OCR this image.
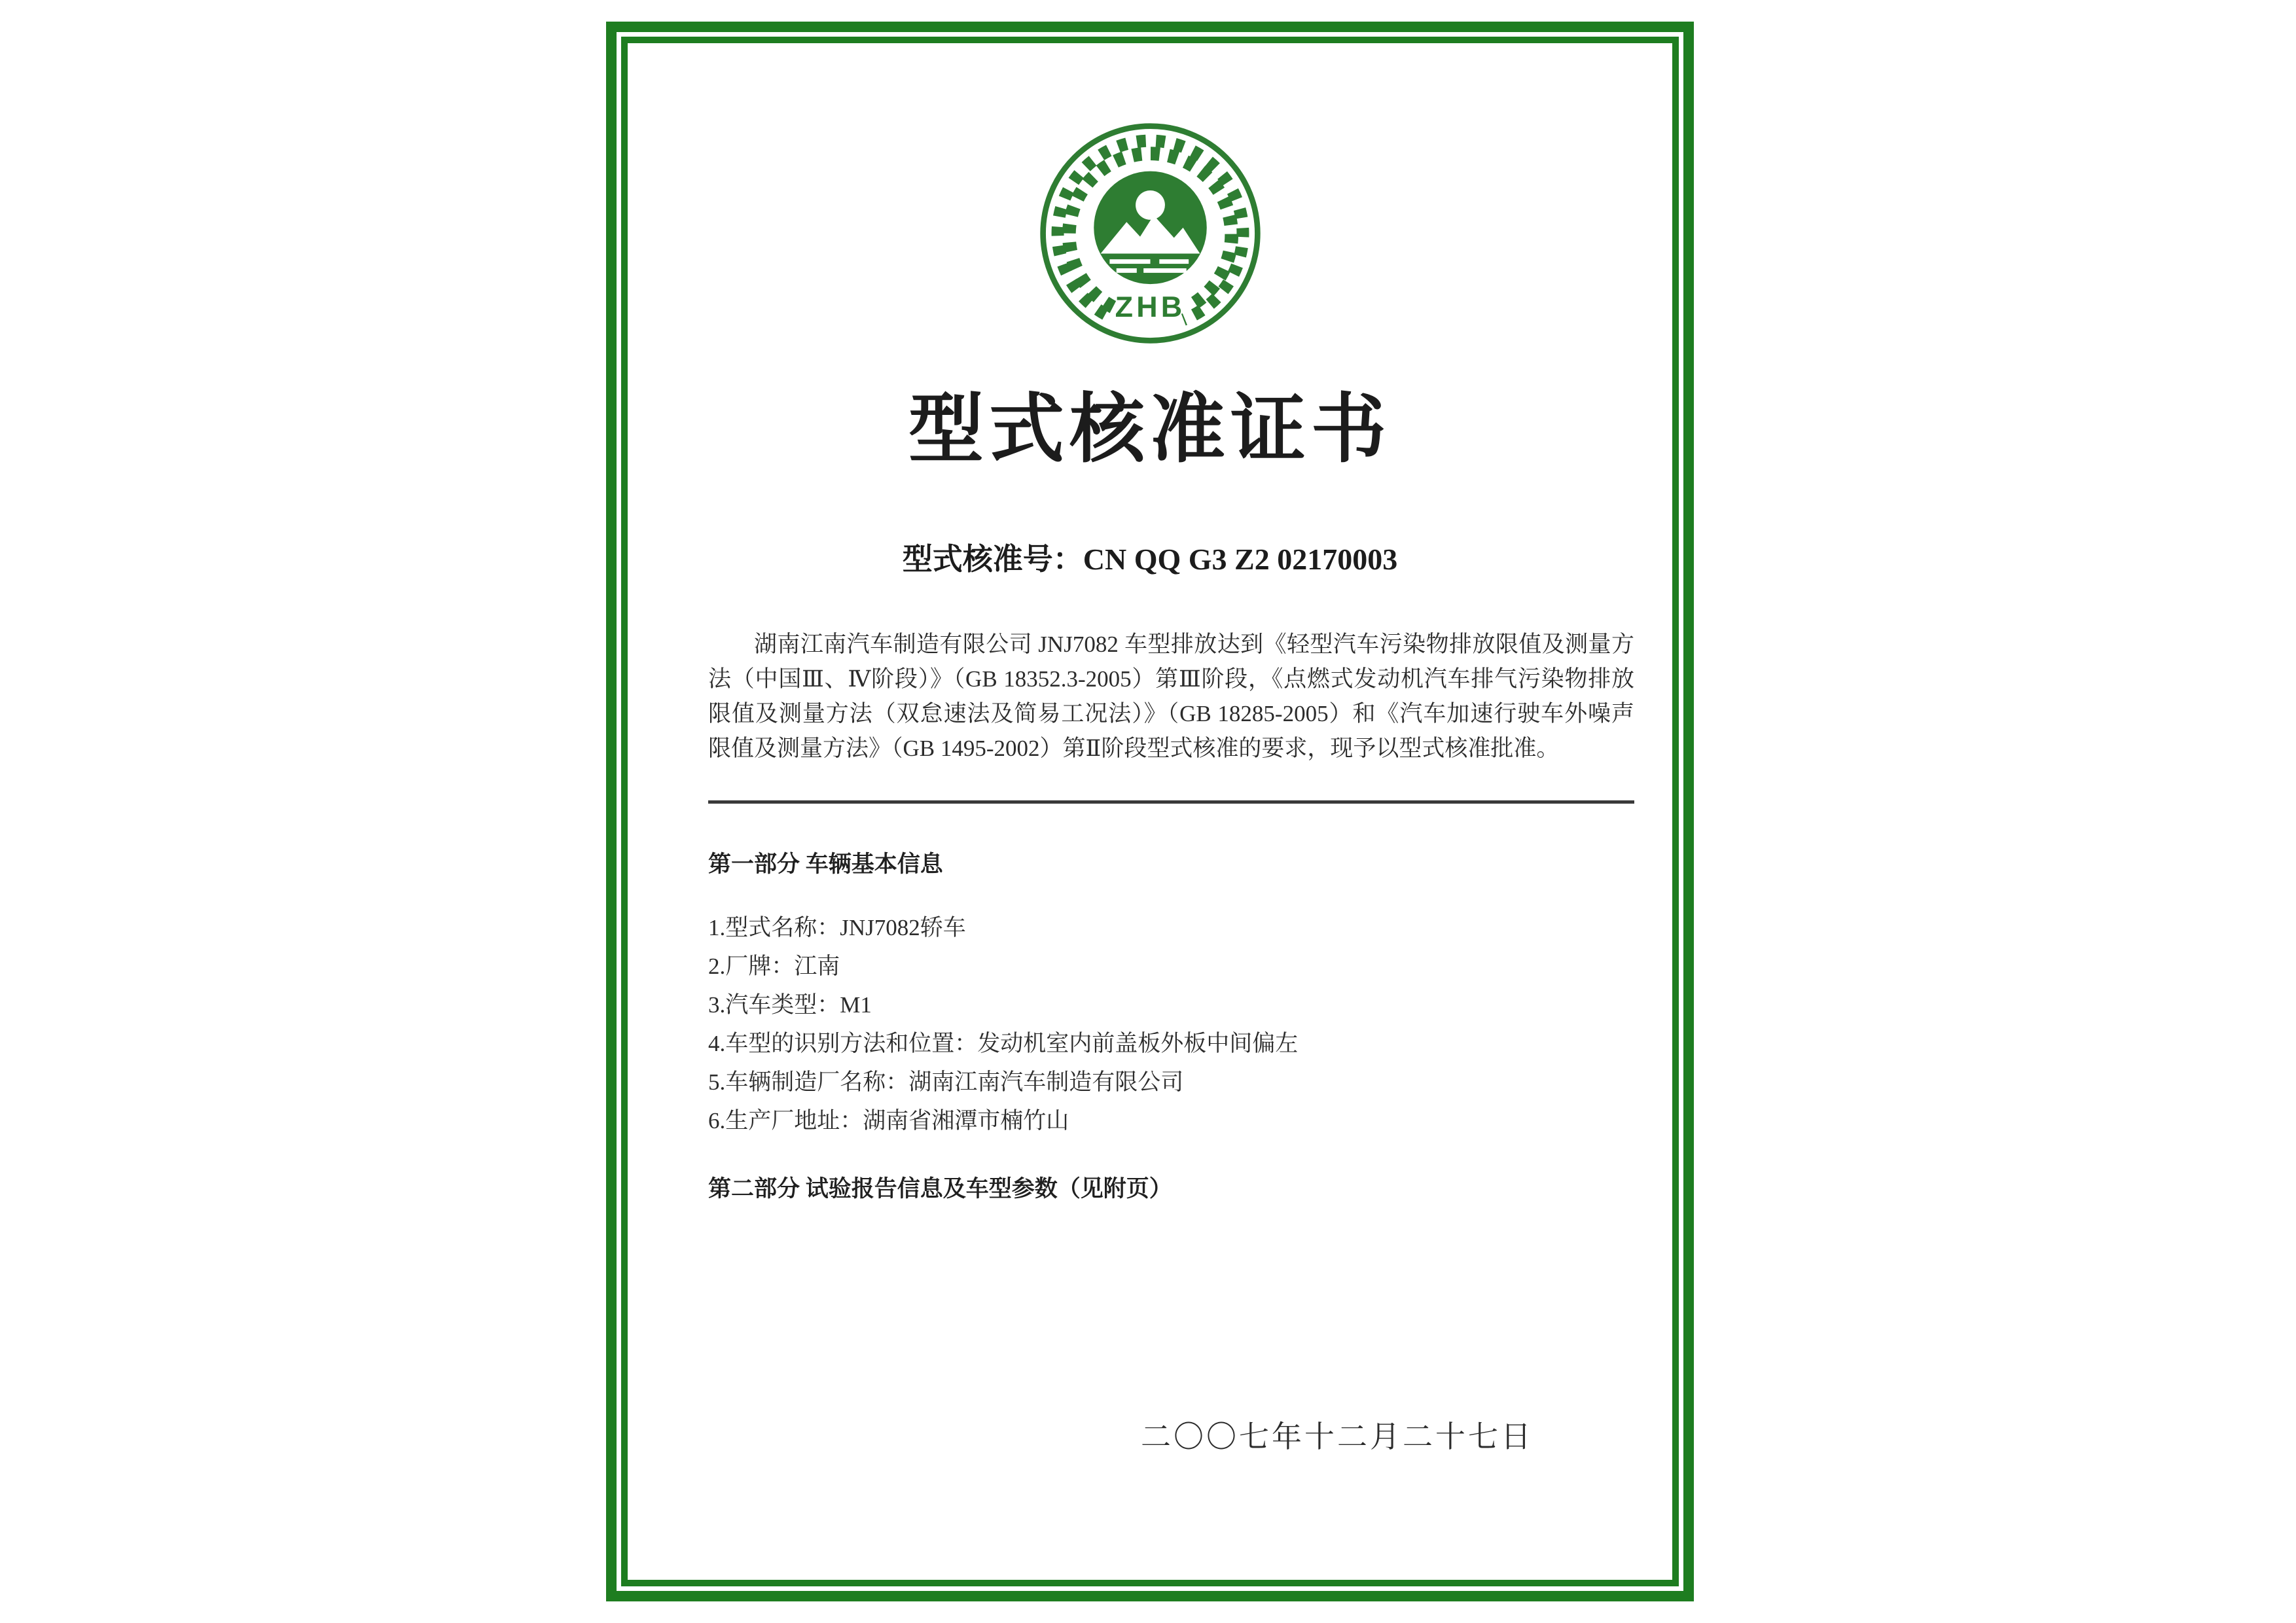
ZHB
型式核准证书
型式核准号：CN QQ G3 Z2 02170003

湖南江南汽车制造有限公司 JNJ7082 车型排放达到《轻型汽车污染物排放限值及测量方法（中国Ⅲ、Ⅳ阶段）》（GB 18352.3-2005）第Ⅲ阶段，《点燃式发动机汽车排气污染物排放限值及测量方法（双怠速法及简易工况法）》（GB 18285-2005）和《汽车加速行驶车外噪声限值及测量方法》（GB 1495-2002）第Ⅱ阶段型式核准的要求，现予以型式核准批准。

第一部分 车辆基本信息
1.型式名称：JNJ7082轿车
2.厂牌：江南
3.汽车类型：M1
4.车型的识别方法和位置：发动机室内前盖板外板中间偏左
5.车辆制造厂名称：湖南江南汽车制造有限公司
6.生产厂地址：湖南省湘潭市楠竹山
第二部分 试验报告信息及车型参数（见附页）
二〇〇七年十二月二十七日
